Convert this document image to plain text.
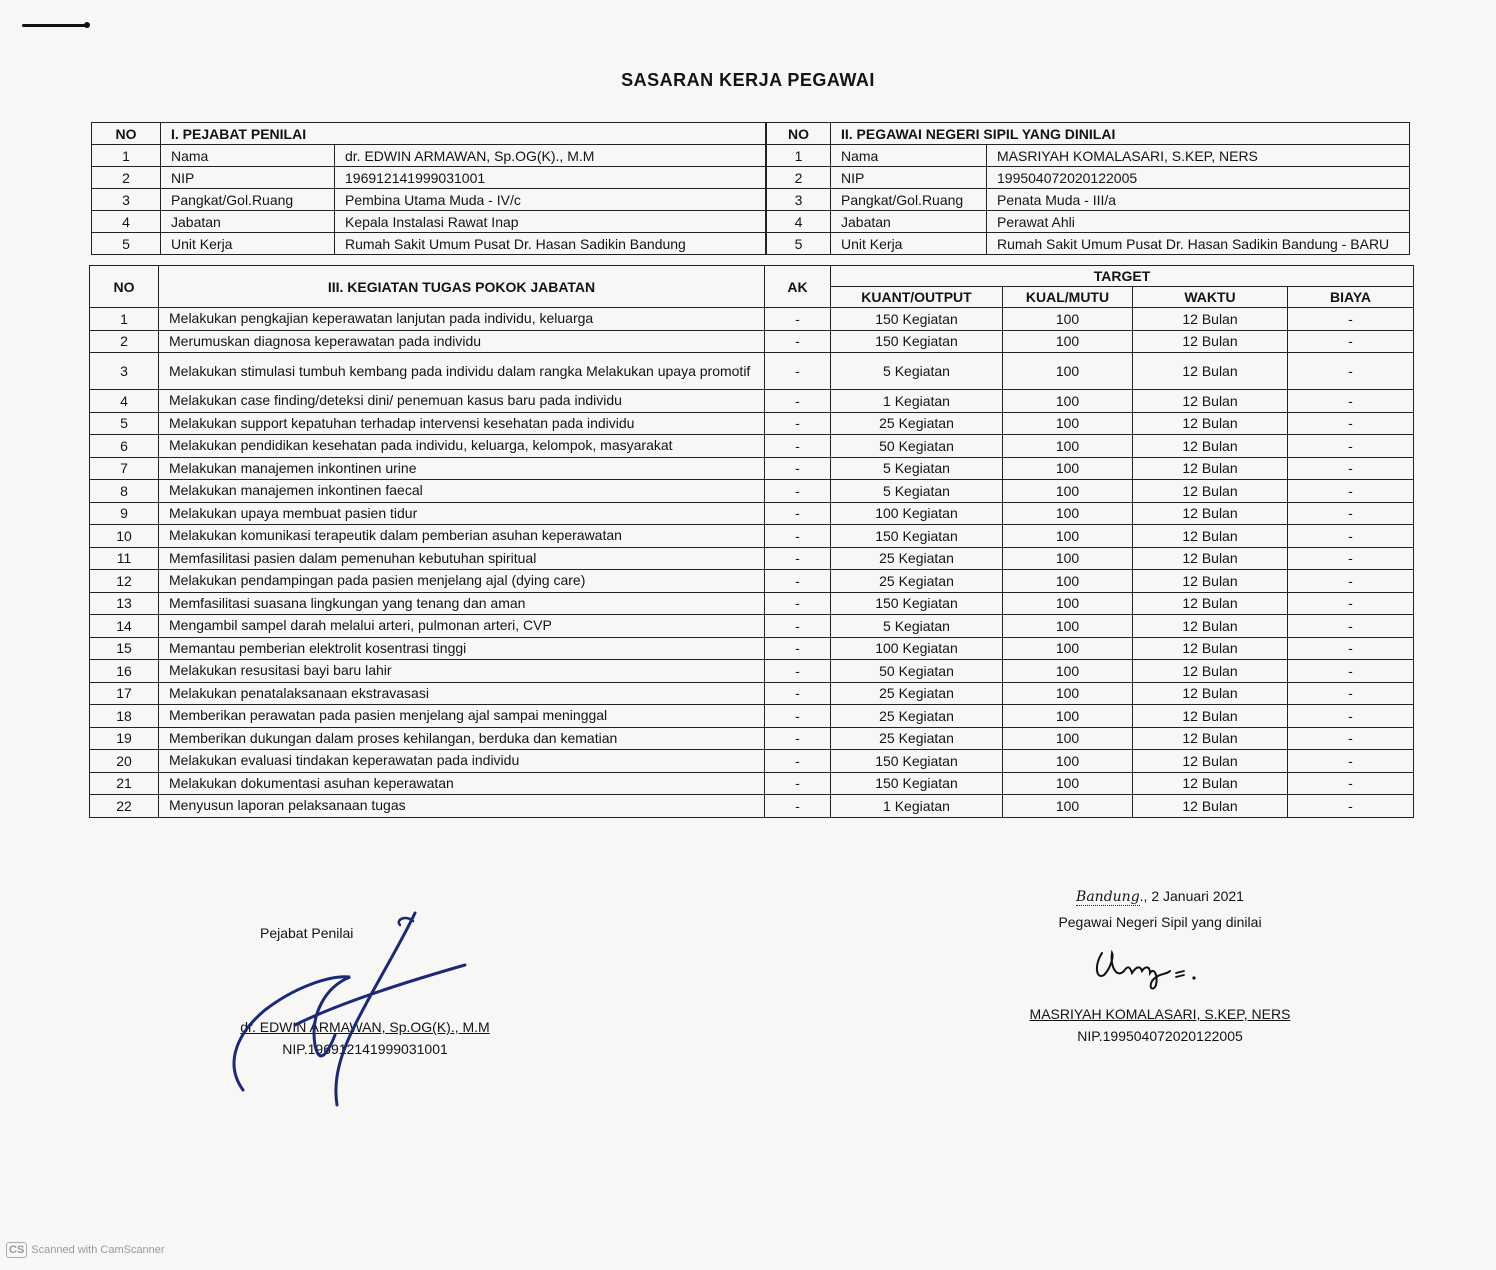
SASARAN KERJA PEGAWAI
NO	I. PEJABAT PENILAI	
1	Nama	dr. EDWIN ARMAWAN, Sp.OG(K)., M.M
2	NIP	196912141999031001
3	Pangkat/Gol.Ruang	Pembina Utama Muda - IV/c
4	Jabatan	Kepala Instalasi Rawat Inap
5	Unit Kerja	Rumah Sakit Umum Pusat Dr. Hasan Sadikin Bandung
NO	II. PEGAWAI NEGERI SIPIL YANG DINILAI	
1	Nama	MASRIYAH KOMALASARI, S.KEP, NERS
2	NIP	199504072020122005
3	Pangkat/Gol.Ruang	Penata Muda - III/a
4	Jabatan	Perawat Ahli
5	Unit Kerja	Rumah Sakit Umum Pusat Dr. Hasan Sadikin Bandung - BARU
NO	III. KEGIATAN TUGAS POKOK JABATAN	AK	TARGET			
			KUANT/OUTPUT	KUAL/MUTU	WAKTU	BIAYA
1	Melakukan pengkajian keperawatan lanjutan pada individu, keluarga	-	150 Kegiatan	100	12 Bulan	-
2	Merumuskan diagnosa keperawatan pada individu	-	150 Kegiatan	100	12 Bulan	-
3	Melakukan stimulasi tumbuh kembang pada individu dalam rangka Melakukan upaya promotif	-	5 Kegiatan	100	12 Bulan	-
4	Melakukan case finding/deteksi dini/ penemuan kasus baru pada individu	-	1 Kegiatan	100	12 Bulan	-
5	Melakukan support kepatuhan terhadap intervensi kesehatan pada individu	-	25 Kegiatan	100	12 Bulan	-
6	Melakukan pendidikan kesehatan pada individu, keluarga, kelompok, masyarakat	-	50 Kegiatan	100	12 Bulan	-
7	Melakukan manajemen inkontinen urine	-	5 Kegiatan	100	12 Bulan	-
8	Melakukan manajemen inkontinen faecal	-	5 Kegiatan	100	12 Bulan	-
9	Melakukan upaya membuat pasien tidur	-	100 Kegiatan	100	12 Bulan	-
10	Melakukan komunikasi terapeutik dalam pemberian asuhan keperawatan	-	150 Kegiatan	100	12 Bulan	-
11	Memfasilitasi pasien dalam pemenuhan kebutuhan spiritual	-	25 Kegiatan	100	12 Bulan	-
12	Melakukan pendampingan pada pasien menjelang ajal (dying care)	-	25 Kegiatan	100	12 Bulan	-
13	Memfasilitasi suasana lingkungan yang tenang dan aman	-	150 Kegiatan	100	12 Bulan	-
14	Mengambil sampel darah melalui arteri, pulmonan arteri, CVP	-	5 Kegiatan	100	12 Bulan	-
15	Memantau pemberian elektrolit kosentrasi tinggi	-	100 Kegiatan	100	12 Bulan	-
16	Melakukan resusitasi bayi baru lahir	-	50 Kegiatan	100	12 Bulan	-
17	Melakukan penatalaksanaan ekstravasasi	-	25 Kegiatan	100	12 Bulan	-
18	Memberikan perawatan pada pasien menjelang ajal sampai meninggal	-	25 Kegiatan	100	12 Bulan	-
19	Memberikan dukungan dalam proses kehilangan, berduka dan kematian	-	25 Kegiatan	100	12 Bulan	-
20	Melakukan evaluasi tindakan keperawatan pada individu	-	150 Kegiatan	100	12 Bulan	-
21	Melakukan dokumentasi asuhan keperawatan	-	150 Kegiatan	100	12 Bulan	-
22	Menyusun laporan pelaksanaan tugas	-	1 Kegiatan	100	12 Bulan	-
Pejabat Penilai
dr. EDWIN ARMAWAN, Sp.OG(K)., M.M
NIP.196912141999031001
Bandung., 2 Januari 2021
Pegawai Negeri Sipil yang dinilai
MASRIYAH KOMALASARI, S.KEP, NERS
NIP.199504072020122005
CS Scanned with CamScanner
